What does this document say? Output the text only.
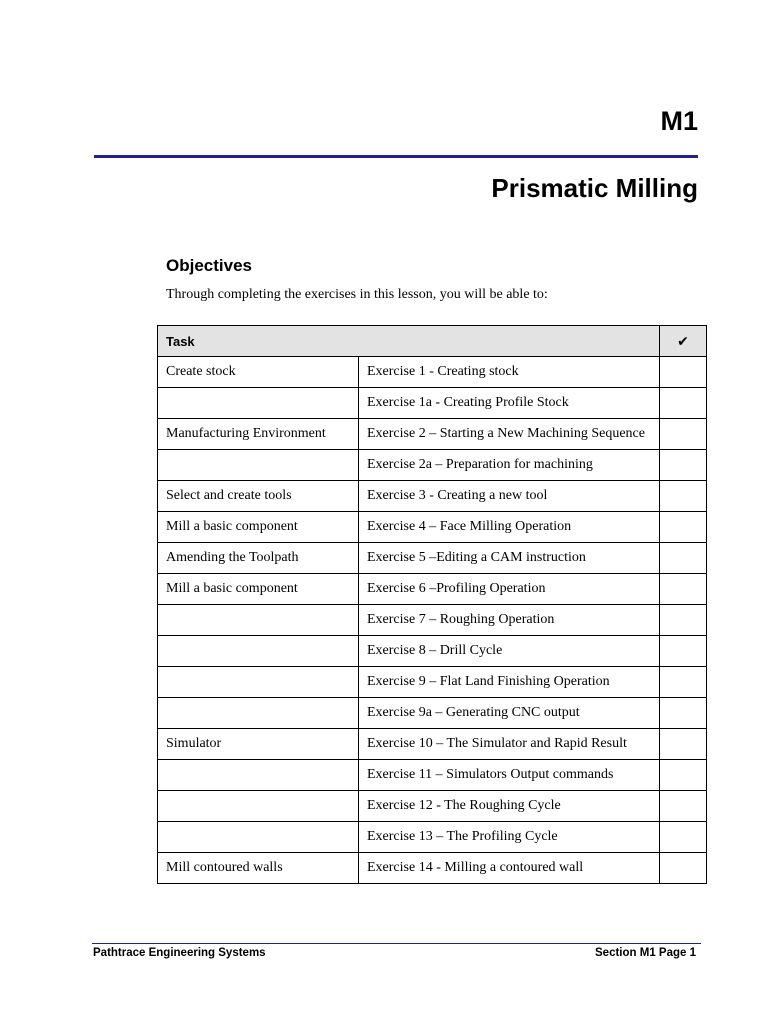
M1
Prismatic Milling
Objectives
Through completing the exercises in this lesson, you will be able to:
Task		✔
Create stock	Exercise 1 - Creating stock	
	Exercise 1a - Creating Profile Stock	
Manufacturing Environment	Exercise 2 – Starting a New Machining Sequence	
	Exercise 2a – Preparation for machining	
Select and create tools	Exercise 3 - Creating a new tool	
Mill a basic component	Exercise 4 – Face Milling Operation	
Amending the Toolpath	Exercise 5 –Editing a CAM instruction	
Mill a basic component	Exercise 6 –Profiling Operation	
	Exercise 7 – Roughing Operation	
	Exercise 8 – Drill Cycle	
	Exercise 9 – Flat Land Finishing Operation	
	Exercise 9a – Generating CNC output	
Simulator	Exercise 10 – The Simulator and Rapid Result	
	Exercise 11 – Simulators Output commands	
	Exercise 12 - The Roughing Cycle	
	Exercise 13 – The Profiling Cycle	
Mill contoured walls	Exercise 14 - Milling a contoured wall	
Pathtrace Engineering Systems	Section M1 Page 1
